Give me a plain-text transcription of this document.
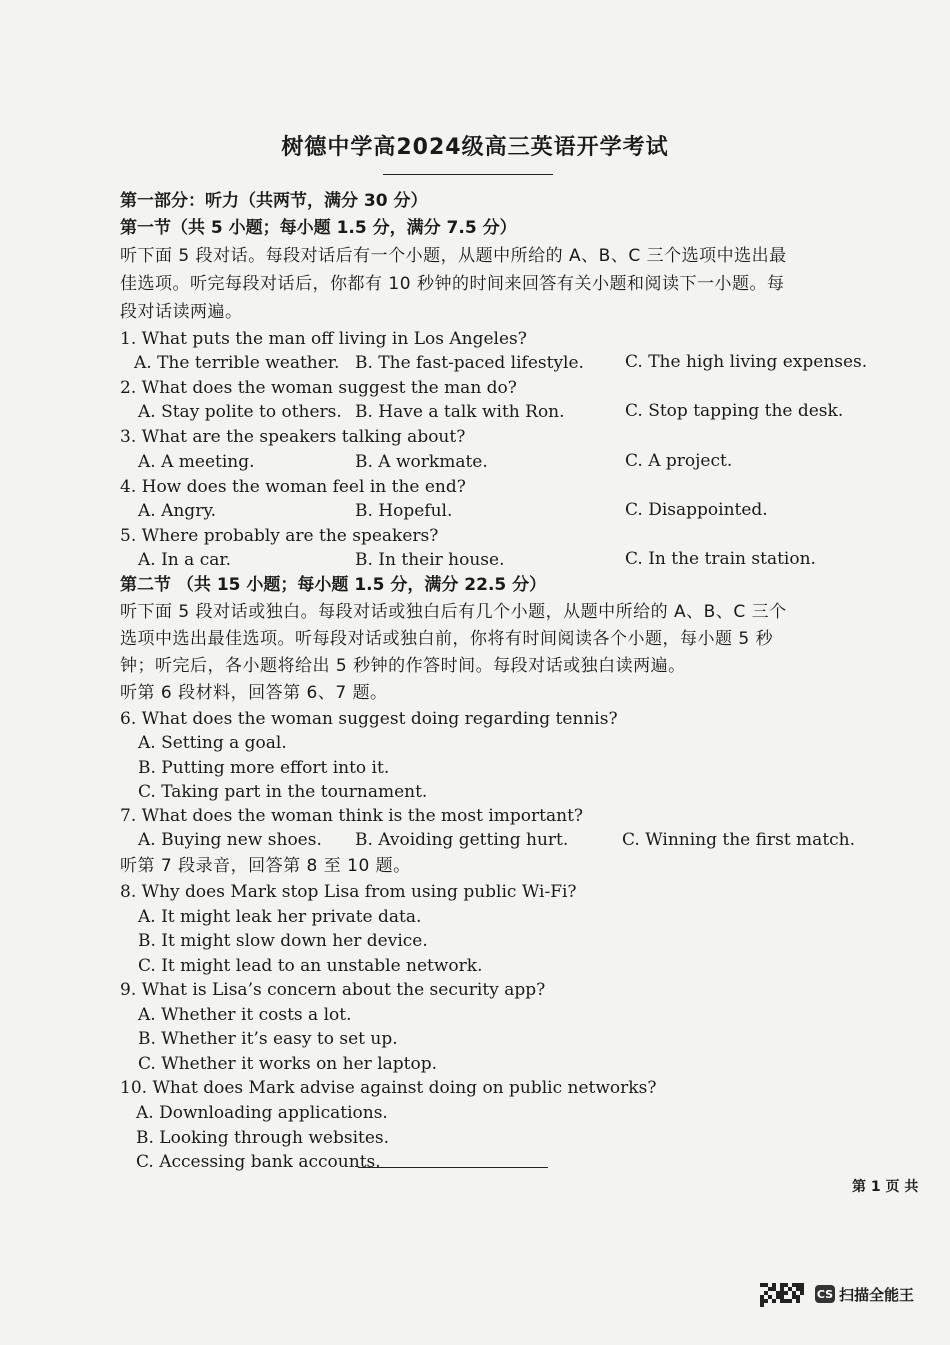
树德中学高2024级高三英语开学考试
第一部分：听力（共两节，满分 30 分）
第一节（共 5 小题；每小题 1.5 分，满分 7.5 分）
听下面 5 段对话。每段对话后有一个小题，从题中所给的 A、B、C 三个选项中选出最
佳选项。听完每段对话后，你都有 10 秒钟的时间来回答有关小题和阅读下一小题。每
段对话读两遍。
1. What puts the man off living in Los Angeles?
A. The terrible weather. B. The fast-paced lifestyle. C. The high living expenses.
2. What does the woman suggest the man do?
A. Stay polite to others. B. Have a talk with Ron.	C. Stop tapping the desk.
3. What are the speakers talking about?
A. A meeting.	B. A workmate.	C. A project.
4. How does the woman feel in the end?
A. Angry.	B. Hopeful.	C. Disappointed.
5. Where probably are the speakers?
A. In a car.	B. In their house.	C. In the train station.
第二节 （共 15 小题；每小题 1.5 分，满分 22.5 分）
听下面 5 段对话或独白。每段对话或独白后有几个小题，从题中所给的 A、B、C 三个
选项中选出最佳选项。听每段对话或独白前，你将有时间阅读各个小题，每小题 5 秒
钟；听完后，各小题将给出 5 秒钟的作答时间。每段对话或独白读两遍。
听第 6 段材料，回答第 6、7 题。
6. What does the woman suggest doing regarding tennis?
A. Setting a goal.
B. Putting more effort into it.
C. Taking part in the tournament.
7. What does the woman think is the most important?
A. Buying new shoes. B. Avoiding getting hurt.	C. Winning the first match.
听第 7 段录音，回答第 8 至 10 题。
8. Why does Mark stop Lisa from using public Wi-Fi?
A. It might leak her private data.
B. It might slow down her device.
C. It might lead to an unstable network.
9. What is Lisa’s concern about the security app?
A. Whether it costs a lot.
B. Whether it’s easy to set up.
C. Whether it works on her laptop.
10. What does Mark advise against doing on public networks?
A. Downloading applications.
B. Looking through websites.
C. Accessing bank accounts.
第 1 页 共
CS 扫描全能王
